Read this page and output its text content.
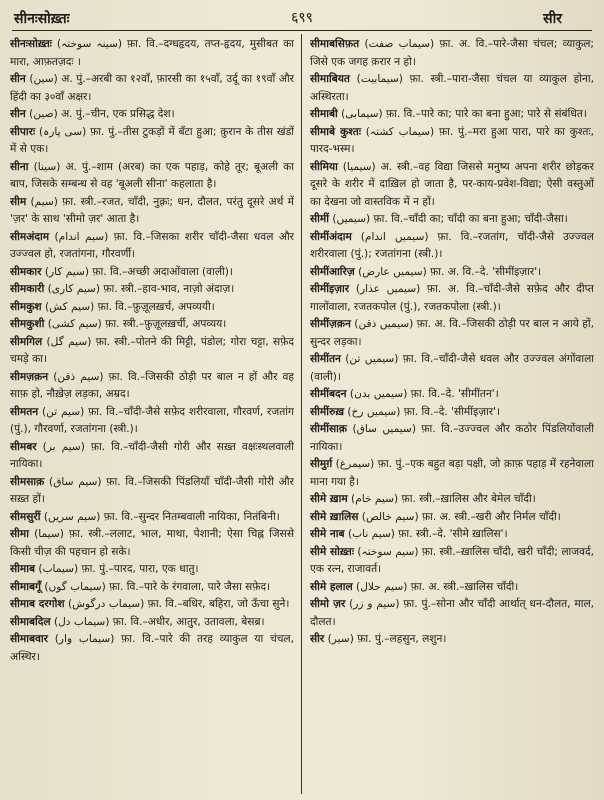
सीनःसोख़्तः	६९९	सीर

सीनःसोख़्तः (سینہ سوختہ) फ़ा. वि.–दग्धहृदय, तप्त-हृदय, मुसीबत का मारा, आफ़तज़दः ।

सीन (سین) अ. पुं.–अरबी का १२वाँ, फ़ारसी का १५वाँ, उर्दू का १९वाँ और हिंदी का ३०वाँ अक्षर।

सीन (صین) अ. पुं.–चीन, एक प्रसिद्ध देश।

सीपारः (سی پارہ) फ़ा. पुं.–तीस टुकड़ों में बँटा हुआ; क़ुरान के तीस खंडों में से एक।

सीना (سینا) अ. पुं.–शाम (अरब) का एक पहाड़, कोहे तूर; बूअली का बाप, जिसके सम्बन्ध से वह 'बूअली सीना' कहलाता है।

सीम (سیم) फ़ा. स्त्री.–रजत, चाँदी, नुक़्रः; धन, दौलत, परंतु दूसरे अर्थ में 'ज़र' के साथ 'सीमो ज़र' आता है।

सीमअंदाम (سیم اندام) फ़ा. वि.–जिसका शरीर चाँदी-जैसा धवल और उज्ज्वल हो, रजतांगना, गौरवर्णी।

सीमकार (سیم کار) फ़ा. वि.–अच्छी अदाओंवाला (वाली)।

सीमकारी (سیم کاری) फ़ा. स्त्री.–हाव-भाव, नाज़ो अंदाज़।

सीमकुश (سیم کش) फ़ा. वि.–फ़ुज़ूलख़र्च, अपव्ययी।

सीमकुशी (سیم کشی) फ़ा. स्त्री.–फ़ुज़ूलख़र्ची, अपव्यय।

सीमगिल (سیم گل) फ़ा. स्त्री.–पोतने की मिट्टी, पंडोल; गोरा चट्टा, सफ़ेद चमड़े का।

सीमज़क़न (سیم ذقن) फ़ा. वि.–जिसकी ठोड़ी पर बाल न हों और वह साफ़ हो, नौख़ेज़ लड़का, अम्रद।

सीमतन (سیم تن) फ़ा. वि.–चाँदी-जैसे सफ़ेद शरीरवाला, गौरवर्ण, रजतांग (पुं.), गौरवर्णा, रजतांगना (स्त्री.)।

सीमबर (سیم بر) फ़ा. वि.–चाँदी-जैसी गोरी और सख़्त वक्षःस्थलवाली नायिका।

सीमसाक़ (سیم ساق) फ़ा. वि.–जिसकी पिंडलियाँ चाँदी-जैसी गोरी और सख़्त हों।

सीमसुरीं (سیم سریں) फ़ा. वि.–सुन्दर नितम्बवाली नायिका, नितंबिनी।

सीमा (سیما) फ़ा. स्त्री.–ललाट, भाल, माथा, पेशानी; ऐसा चिह्न जिससे किसी चीज़ की पहचान हो सके।

सीमाब (سیماب) फ़ा. पुं.–पारद, पारा, एक धातु।

सीमाबगूँ (سیماب گوں) फ़ा. वि.–पारे के रंगवाला, पारे जैसा सफ़ेद।

सीमाब दरगोश (سیماب درگوش) फ़ा. वि.–बधिर, बहिरा, जो ऊँचा सुने।

सीमाबदिल (سیماب دل) फ़ा. वि.–अधीर, आतुर, उतावला, बेसब्र।

सीमाबवार (سیماب وار) फ़ा. वि.–पारे की तरह व्याकुल या चंचल, अस्थिर।

सीमाबसिफ़त (سیماب صفت) फ़ा. अ. वि.–पारे-जैसा चंचल; व्याकुल; जिसे एक जगह क़रार न हो।

सीमाबियत (سیمابیت) फ़ा. स्त्री.–पारा-जैसा चंचल या व्याकुल होना, अस्थिरता।

सीमाबी (سیمابی) फ़ा. वि.–पारे का; पारे का बना हुआ; पारे से संबंधित।

सीमाबे कुश्तः (سیماب کشتہ) फ़ा. पुं.–मरा हुआ पारा, पारे का कुश्तः, पारद-भस्म।

सीमिया (سیمیا) अ. स्त्री.–वह विद्या जिससे मनुष्य अपना शरीर छोड़कर दूसरे के शरीर में दाख़िल हो जाता है, पर-काय-प्रवेश-विद्या; ऐसी वस्तुओं का देखना जो वास्तविक में न हों।

सीमीं (سیمیں) फ़ा. वि.–चाँदी का; चाँदी का बना हुआ; चाँदी-जैसा।

सीमींअंदाम (سیمیں اندام) फ़ा. वि.–रजतांग, चाँदी-जैसे उज्ज्वल शरीरवाला (पुं.); रजतांगना (स्त्री.)।

सीमींआरिज़ (سیمیں عارض) फ़ा. अ. वि.–दे. 'सीमींइज़ार'।

सीमींइज़ार (سیمیں عذار) फ़ा. अ. वि.–चाँदी-जैसे सफ़ेद और दीप्त गालोंवाला, रजतकपोल (पुं.), रजतकपोला (स्त्री.)।

सीमींज़क़न (سیمیں ذقن) फ़ा. अ. वि.–जिसकी ठोड़ी पर बाल न आये हों, सुन्दर लड़का।

सीमींतन (سیمیں تن) फ़ा. वि.–चाँदी-जैसे धवल और उज्ज्वल अंगोंवाला (वाली)।

सीमींबदन (سیمیں بدن) फ़ा. वि.–दे. 'सीमींतन'।

सीमींरुख़ (سیمیں رخ) फ़ा. वि.–दे. 'सीमींइज़ार'।

सीमींसाक़ (سیمیں ساق) फ़ा. वि.–उज्ज्वल और कठोर पिंडलियोंवाली नायिका।

सीमुर्ग़ (سیمرغ) फ़ा. पुं.–एक बहुत बड़ा पक्षी, जो क़ाफ़ पहाड़ में रहनेवाला माना गया है।

सीमे ख़ाम (سیم خام) फ़ा. स्त्री.–ख़ालिस और बेमेल चाँदी।

सीमे ख़ालिस (سیم خالص) फ़ा. अ. स्त्री.–खरी और निर्मल चाँदी।

सीमे नाब (سیم ناب) फ़ा. स्त्री.–दे. 'सीमे ख़ालिस'।

सीमे सोख़्तः (سیم سوختہ) फ़ा. स्त्री.–ख़ालिस चाँदी, खरी चाँदी; लाजवर्द, एक रत्न, राजावर्त।

सीमे हलाल (سیم حلال) फ़ा. अ. स्त्री.–ख़ालिस चाँदी।

सीमो ज़र (سیم و زر) फ़ा. पुं.–सोना और चाँदी आर्थात् धन-दौलत, माल, दौलत।

सीर (سیر) फ़ा. पुं.–लहसुन, लशुन।
